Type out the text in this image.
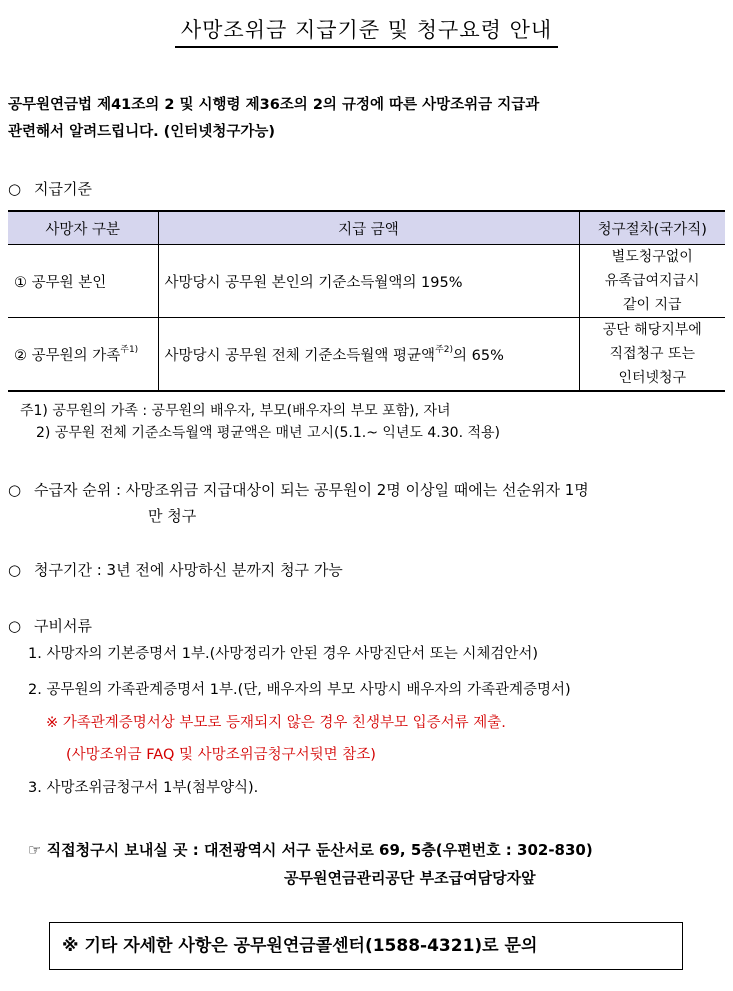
사망조위금 지급기준 및 청구요령 안내
공무원연금법 제41조의 2 및 시행령 제36조의 2의 규정에 따른 사망조위금 지급과
관련해서 알려드립니다. (인터넷청구가능)
○ 지급기준
사망자 구분	지급 금액	청구절차(국가직)
① 공무원 본인	사망당시 공무원 본인의 기준소득월액의 195%	별도청구없이
유족급여지급시
같이 지급

② 공무원의 가족$^{주1)}$	사망당시 공무원 전체 기준소득월액 평균액$^{주2)}$의 65%	공단 해당지부에
직접청구 또는
인터넷청구
주1) 공무원의 가족 : 공무원의 배우자, 부모(배우자의 부모 포함), 자녀
2) 공무원 전체 기준소득월액 평균액은 매년 고시(5.1.~ 익년도 4.30. 적용)
○ 수급자 순위 : 사망조위금 지급대상이 되는 공무원이 2명 이상일 때에는 선순위자 1명
만 청구
○ 청구기간 : 3년 전에 사망하신 분까지 청구 가능
○ 구비서류
1. 사망자의 기본증명서 1부.(사망정리가 안된 경우 사망진단서 또는 시체검안서)
2. 공무원의 가족관계증명서 1부.(단, 배우자의 부모 사망시 배우자의 가족관계증명서)
※ 가족관계증명서상 부모로 등재되지 않은 경우 친생부모 입증서류 제출.
(사망조위금 FAQ 및 사망조위금청구서뒷면 참조)
3. 사망조위금청구서 1부(첨부양식).
☞ 직접청구시 보내실 곳 : 대전광역시 서구 둔산서로 69, 5층(우편번호 : 302-830)
공무원연금관리공단 부조급여담당자앞
※ 기타 자세한 사항은 공무원연금콜센터(1588-4321)로 문의
